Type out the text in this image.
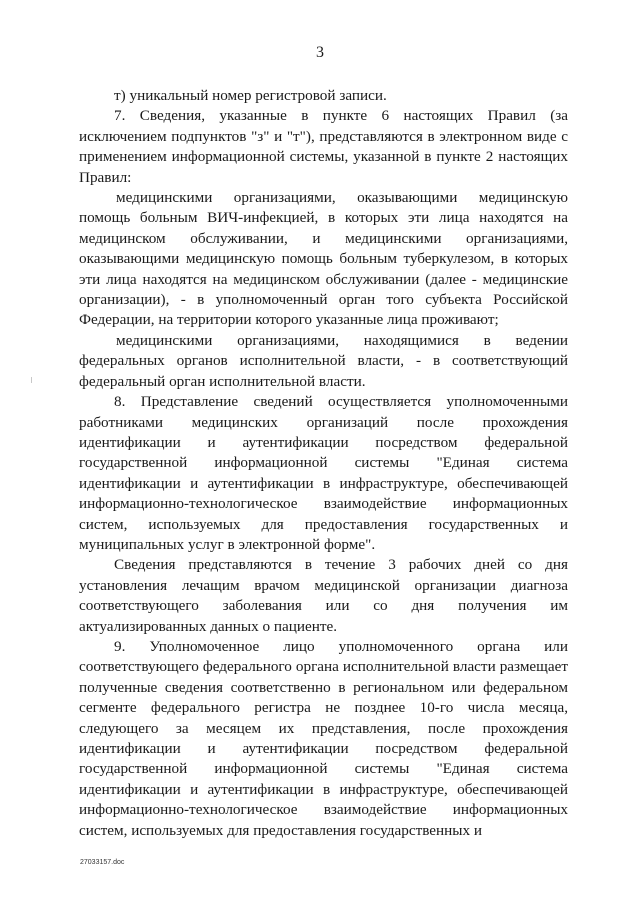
3

т) уникальный номер регистровой записи.

7. Сведения, указанные в пункте 6 настоящих Правил (за исключением подпунктов "з" и "т"), представляются в электронном виде с применением информационной системы, указанной в пункте 2 настоящих Правил:

медицинскими организациями, оказывающими медицинскую помощь больным ВИЧ-инфекцией, в которых эти лица находятся на медицинском обслуживании, и медицинскими организациями, оказывающими медицинскую помощь больным туберкулезом, в которых эти лица находятся на медицинском обслуживании (далее - медицинские организации), - в уполномоченный орган того субъекта Российской Федерации, на территории которого указанные лица проживают;

медицинскими организациями, находящимися в ведении федеральных органов исполнительной власти, - в соответствующий федеральный орган исполнительной власти.

8. Представление сведений осуществляется уполномоченными работниками медицинских организаций после прохождения идентификации и аутентификации посредством федеральной государственной информационной системы "Единая система идентификации и аутентификации в инфраструктуре, обеспечивающей информационно-технологическое взаимодействие информационных систем, используемых для предоставления государственных и муниципальных услуг в электронной форме".

Сведения представляются в течение 3 рабочих дней со дня установления лечащим врачом медицинской организации диагноза соответствующего заболевания или со дня получения им актуализированных данных о пациенте.

9. Уполномоченное лицо уполномоченного органа или соответствующего федерального органа исполнительной власти размещает полученные сведения соответственно в региональном или федеральном сегменте федерального регистра не позднее 10-го числа месяца, следующего за месяцем их представления, после прохождения идентификации и аутентификации посредством федеральной государственной информационной системы "Единая система идентификации и аутентификации в инфраструктуре, обеспечивающей информационно-технологическое взаимодействие информационных систем, используемых для предоставления государственных и

27033157.doc
